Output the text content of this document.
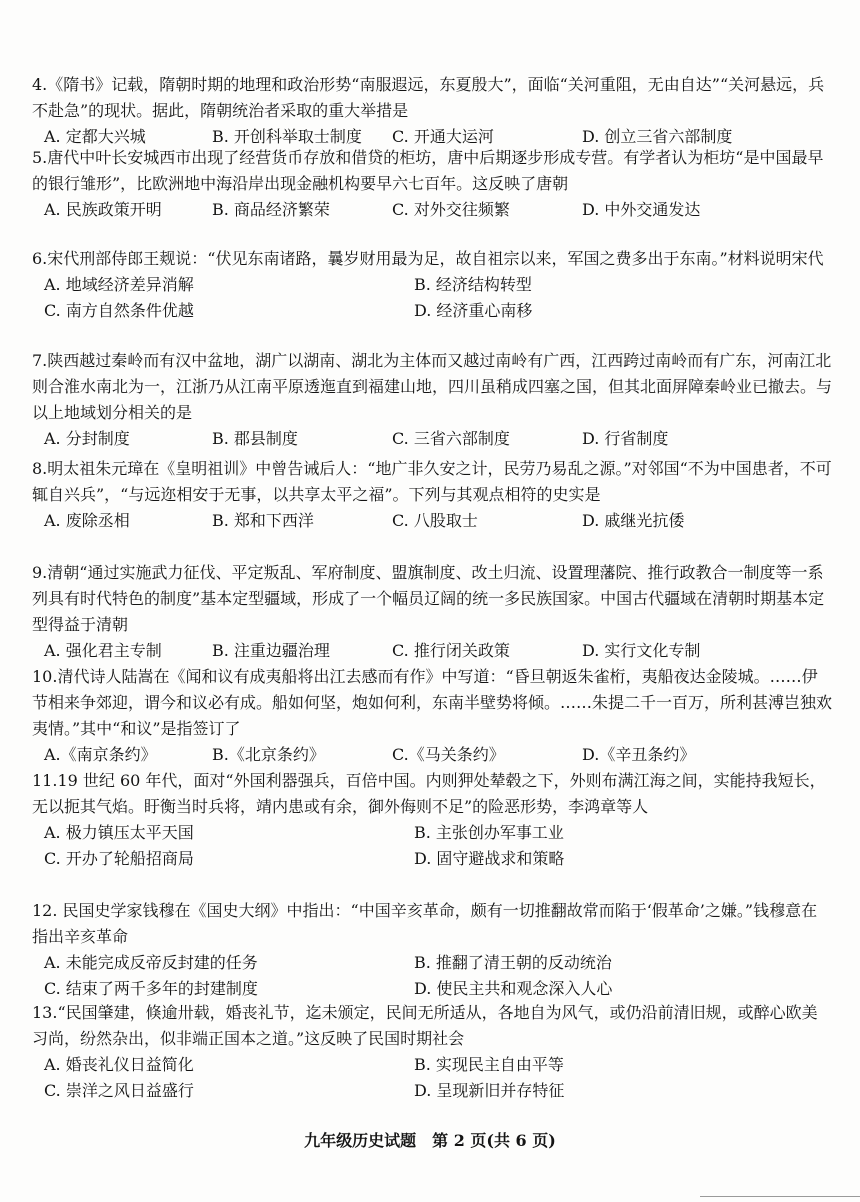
4.《隋书》记载，隋朝时期的地理和政治形势“南服遐远，东夏殷大”，面临“关河重阻，无由自达”“关河悬远，兵不赴急”的现状。据此，隋朝统治者采取的重大举措是

A. 定都大兴城	B. 开创科举取士制度	C. 开通大运河	D. 创立三省六部制度

5.唐代中叶长安城西市出现了经营货币存放和借贷的柜坊，唐中后期逐步形成专营。有学者认为柜坊“是中国最早的银行雏形”，比欧洲地中海沿岸出现金融机构要早六七百年。这反映了唐朝

A. 民族政策开明	B. 商品经济繁荣	C. 对外交往频繁	D. 中外交通发达

6.宋代刑部侍郎王觌说：“伏见东南诸路，曩岁财用最为足，故自祖宗以来，军国之费多出于东南。”材料说明宋代

A. 地域经济差异消解	B. 经济结构转型
C. 南方自然条件优越	D. 经济重心南移

7.陕西越过秦岭而有汉中盆地，湖广以湖南、湖北为主体而又越过南岭有广西，江西跨过南岭而有广东，河南江北则合淮水南北为一，江浙乃从江南平原透迤直到福建山地，四川虽稍成四塞之国，但其北面屏障秦岭业已撤去。与以上地域划分相关的是

A. 分封制度	B. 郡县制度	C. 三省六部制度	D. 行省制度

8.明太祖朱元璋在《皇明祖训》中曾告诫后人：“地广非久安之计，民劳乃易乱之源。”对邻国“不为中国患者，不可辄自兴兵”，“与远迩相安于无事，以共享太平之福”。下列与其观点相符的史实是

A. 废除丞相	B. 郑和下西洋	C. 八股取士	D. 戚继光抗倭

9.清朝“通过实施武力征伐、平定叛乱、军府制度、盟旗制度、改土归流、设置理藩院、推行政教合一制度等一系列具有时代特色的制度”基本定型疆域，形成了一个幅员辽阔的统一多民族国家。中国古代疆域在清朝时期基本定型得益于清朝

A. 强化君主专制	B. 注重边疆治理	C. 推行闭关政策	D. 实行文化专制

10.清代诗人陆嵩在《闻和议有成夷船将出江去感而有作》中写道：“昏旦朝返朱雀桁，夷船夜达金陵城。……伊节相来争郊迎，谓今和议必有成。船如何坚，炮如何利，东南半壁势将倾。……朱提二千一百万，所利甚溥岂独欢夷情。”其中“和议”是指签订了

A.《南京条约》	B.《北京条约》	C.《马关条约》	D.《辛丑条约》

11.19 世纪 60 年代，面对“外国利器强兵，百倍中国。内则狎处辇毂之下，外则布满江海之间，实能持我短长，无以扼其气焰。盱衡当时兵将，靖内患或有余，御外侮则不足”的险恶形势，李鸿章等人

A. 极力镇压太平天国	B. 主张创办军事工业
C. 开办了轮船招商局	D. 固守避战求和策略

12. 民国史学家钱穆在《国史大纲》中指出：“中国辛亥革命，颇有一切推翻故常而陷于‘假革命’之嫌。”钱穆意在指出辛亥革命

A. 未能完成反帝反封建的任务	B. 推翻了清王朝的反动统治
C. 结束了两千多年的封建制度	D. 使民主共和观念深入人心

13.“民国肇建，倏逾卅载，婚丧礼节，迄未颁定，民间无所适从，各地自为风气，或仍沿前清旧规，或醉心欧美习尚，纷然杂出，似非端正国本之道。”这反映了民国时期社会

A. 婚丧礼仪日益简化	B. 实现民主自由平等
C. 崇洋之风日益盛行	D. 呈现新旧并存特征
九年级历史试题　第 2 页(共 6 页)
